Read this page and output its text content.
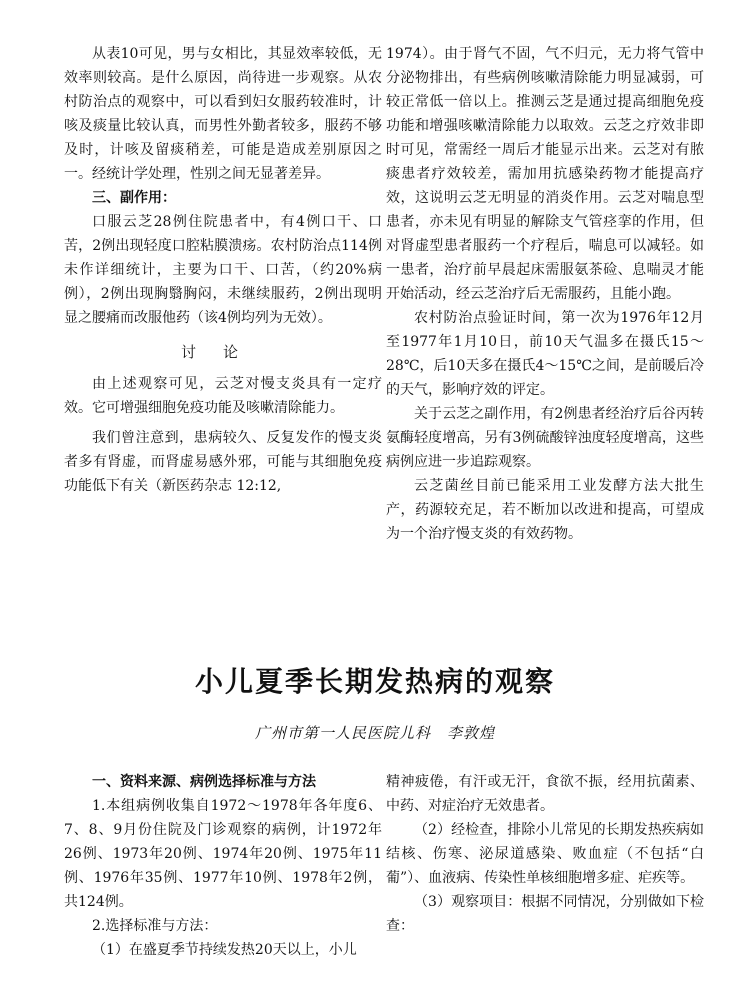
从表10可见，男与女相比，其显效率较低，无效率则较高。是什么原因，尚待进一步观察。从农村防治点的观察中，可以看到妇女服药较准时，计咳及痰量比较认真，而男性外勤者较多，服药不够及时，计咳及留痰稍差，可能是造成差别原因之一。经统计学处理，性别之间无显著差异。

三、副作用：

口服云芝28例住院患者中，有4例口干、口苦，2例出现轻度口腔粘膜溃疡。农村防治点114例未作详细统计，主要为口干、口苦，（约20%病例），2例出现胸翳胸闷，未继续服药，2例出现明显之腰痛而改服他药（该4例均列为无效）。

讨论

由上述观察可见，云芝对慢支炎具有一定疗效。它可增强细胞免疫功能及咳嗽清除能力。

我们曾注意到，患病较久、反复发作的慢支炎者多有肾虚，而肾虚易感外邪，可能与其细胞免疫功能低下有关（新医药杂志 12:12,

1974）。由于肾气不固，气不归元，无力将气管中分泌物排出，有些病例咳嗽清除能力明显减弱，可较正常低一倍以上。推测云芝是通过提高细胞免疫功能和增强咳嗽清除能力以取效。云芝之疗效非即时可见，常需经一周后才能显示出来。云芝对有脓痰患者疗效较差，需加用抗感染药物才能提高疗效，这说明云芝无明显的消炎作用。云芝对喘息型患者，亦未见有明显的解除支气管痉挛的作用，但对肾虚型患者服药一个疗程后，喘息可以减轻。如一患者，治疗前早晨起床需服氨茶硷、息喘灵才能开始活动，经云芝治疗后无需服药，且能小跑。

农村防治点验证时间，第一次为1976年12月至1977年1月10日，前10天气温多在摄氏15～28℃，后10天多在摄氏4～15℃之间，是前暖后冷的天气，影响疗效的评定。

关于云芝之副作用，有2例患者经治疗后谷丙转氨酶轻度增高，另有3例硫酸锌浊度轻度增高，这些病例应进一步追踪观察。

云芝菌丝目前已能采用工业发酵方法大批生产，药源较充足，若不断加以改进和提高，可望成为一个治疗慢支炎的有效药物。

小儿夏季长期发热病的观察
广州市第一人民医院儿科　李敦煌

一、资料来源、病例选择标准与方法

1.本组病例收集自1972～1978年各年度6、7、8、9月份住院及门诊观察的病例，计1972年26例、1973年20例、1974年20例、1975年11例、1976年35例、1977年10例、1978年2例，共124例。

2.选择标准与方法：

（1）在盛夏季节持续发热20天以上，小儿

精神疲倦，有汗或无汗，食欲不振，经用抗菌素、中药、对症治疗无效患者。

（2）经检查，排除小儿常见的长期发热疾病如结核、伤寒、泌尿道感染、败血症（不包括“白葡”）、血液病、传染性单核细胞增多症、疟疾等。

（3）观察项目：根据不同情况，分别做如下检查：
